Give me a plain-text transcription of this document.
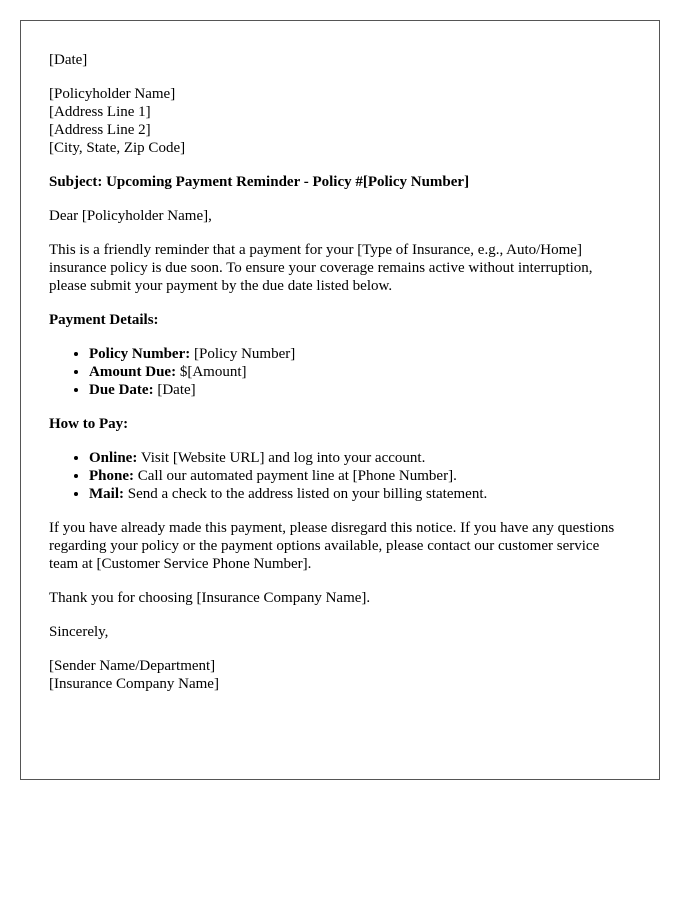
[Date]

[Policyholder Name]
[Address Line 1]
[Address Line 2]
[City, State, Zip Code]

Subject: Upcoming Payment Reminder - Policy #[Policy Number]

Dear [Policyholder Name],

This is a friendly reminder that a payment for your [Type of Insurance, e.g., Auto/Home] insurance policy is due soon. To ensure your coverage remains active without interruption, please submit your payment by the due date listed below.

Payment Details:

• Policy Number: [Policy Number]
• Amount Due: $[Amount]
• Due Date: [Date]

How to Pay:

• Online: Visit [Website URL] and log into your account.
• Phone: Call our automated payment line at [Phone Number].
• Mail: Send a check to the address listed on your billing statement.

If you have already made this payment, please disregard this notice. If you have any questions regarding your policy or the payment options available, please contact our customer service team at [Customer Service Phone Number].

Thank you for choosing [Insurance Company Name].

Sincerely,

[Sender Name/Department]
[Insurance Company Name]
